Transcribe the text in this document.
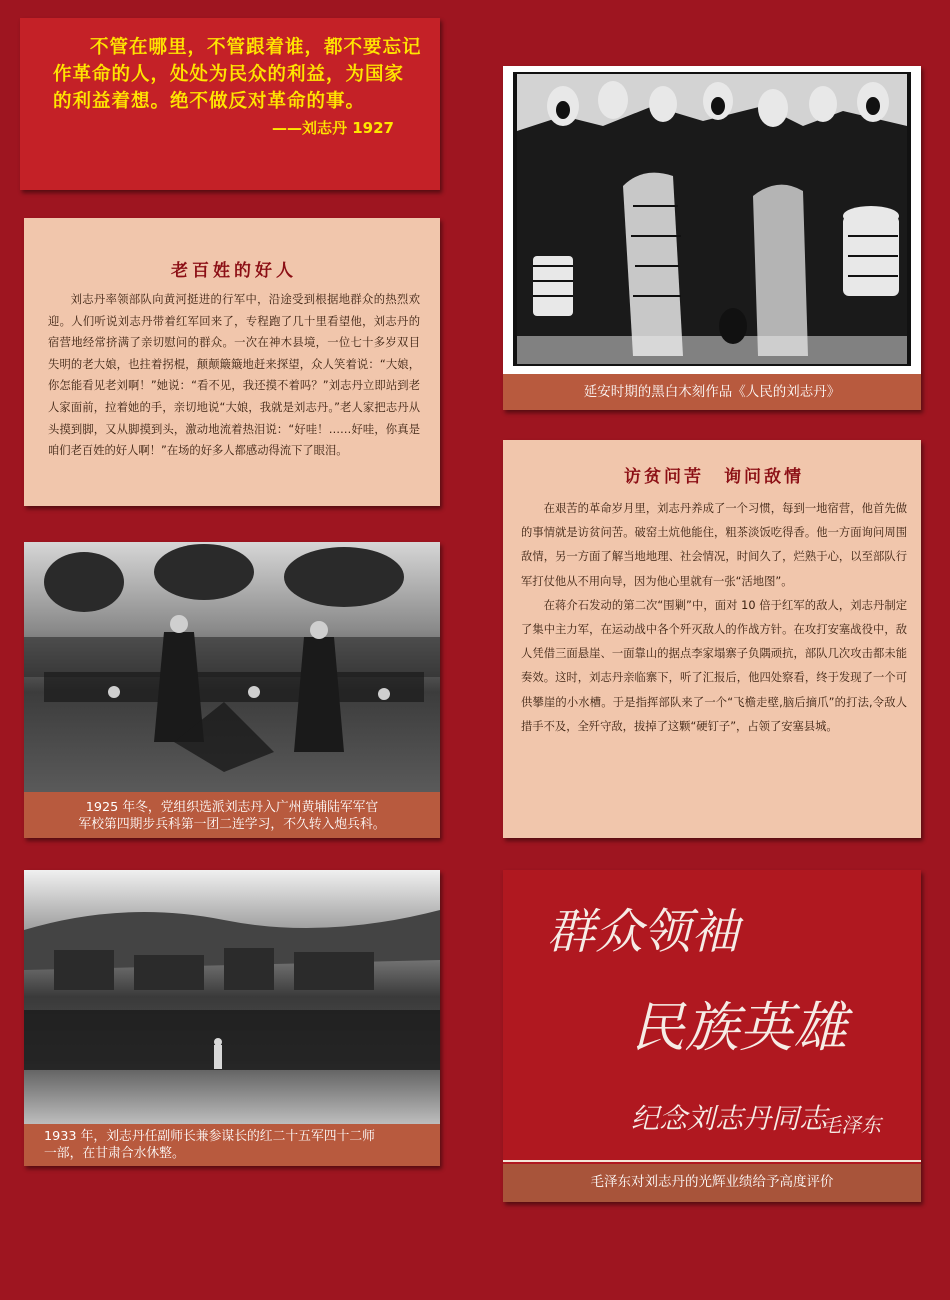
不管在哪里，不管跟着谁，都不要忘记作革命的人，处处为民众的利益，为国家的利益着想。绝不做反对革命的事。

——刘志丹 1927
老百姓的好人

刘志丹率领部队向黄河挺进的行军中，沿途受到根据地群众的热烈欢迎。人们听说刘志丹带着红军回来了，专程跑了几十里看望他，刘志丹的宿营地经常挤满了亲切慰问的群众。一次在神木县境，一位七十多岁双目失明的老大娘，也拄着拐棍，颠颠簸簸地赶来探望，众人笑着说：“大娘，你怎能看见老刘啊！”她说：“看不见，我还摸不着吗？”刘志丹立即站到老人家面前，拉着她的手，亲切地说“大娘，我就是刘志丹。”老人家把志丹从头摸到脚，又从脚摸到头，激动地流着热泪说：“好哇！……好哇，你真是咱们老百姓的好人啊！”在场的好多人都感动得流下了眼泪。

延安时期的黑白木刻作品《人民的刘志丹》
访贫问苦　询问敌情

在艰苦的革命岁月里，刘志丹养成了一个习惯，每到一地宿营，他首先做的事情就是访贫问苦。破窑土炕他能住，粗茶淡饭吃得香。他一方面询问周围敌情，另一方面了解当地地理、社会情况，时间久了，烂熟于心，以至部队行军打仗他从不用向导，因为他心里就有一张“活地图”。

在蒋介石发动的第二次“围剿”中，面对 10 倍于红军的敌人，刘志丹制定了集中主力军，在运动战中各个歼灭敌人的作战方针。在攻打安塞战役中，敌人凭借三面悬崖、一面靠山的据点李家塌寨子负隅顽抗，部队几次攻击都未能奏效。这时，刘志丹亲临寨下，听了汇报后，他四处察看，终于发现了一个可供攀崖的小水槽。于是指挥部队来了一个“飞檐走壁,脑后摘爪”的打法,令敌人措手不及，全歼守敌，拔掉了这颗“硬钉子”，占领了安塞县城。

1925 年冬，党组织选派刘志丹入广州黄埔陆军军官
军校第四期步兵科第一团二连学习，不久转入炮兵科。
1933 年，刘志丹任副师长兼参谋长的红二十五军四十二师
一部，在甘肃合水休整。
群众领袖
民族英雄
纪念刘志丹同志
毛泽东
毛泽东对刘志丹的光辉业绩给予高度评价
